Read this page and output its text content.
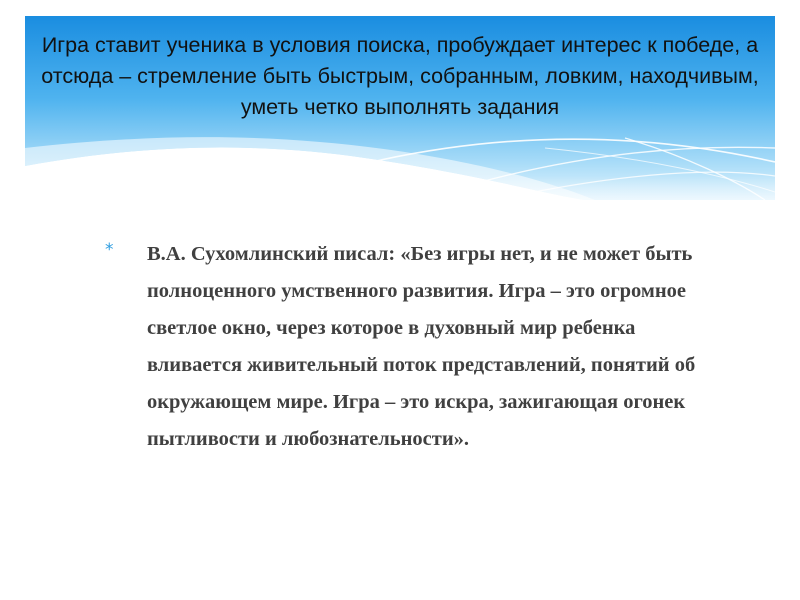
Игра ставит ученика в условия поиска, пробуждает интерес к победе, а отсюда – стремление быть быстрым, собранным, ловким, находчивым, уметь четко выполнять задания
* В.А. Сухомлинский писал: «Без игры нет, и не может быть полноценного умственного развития. Игра – это огромное светлое окно, через которое в духовный мир ребенка вливается живительный поток представлений, понятий об окружающем мире. Игра – это искра, зажигающая огонек пытливости и любознательности».
